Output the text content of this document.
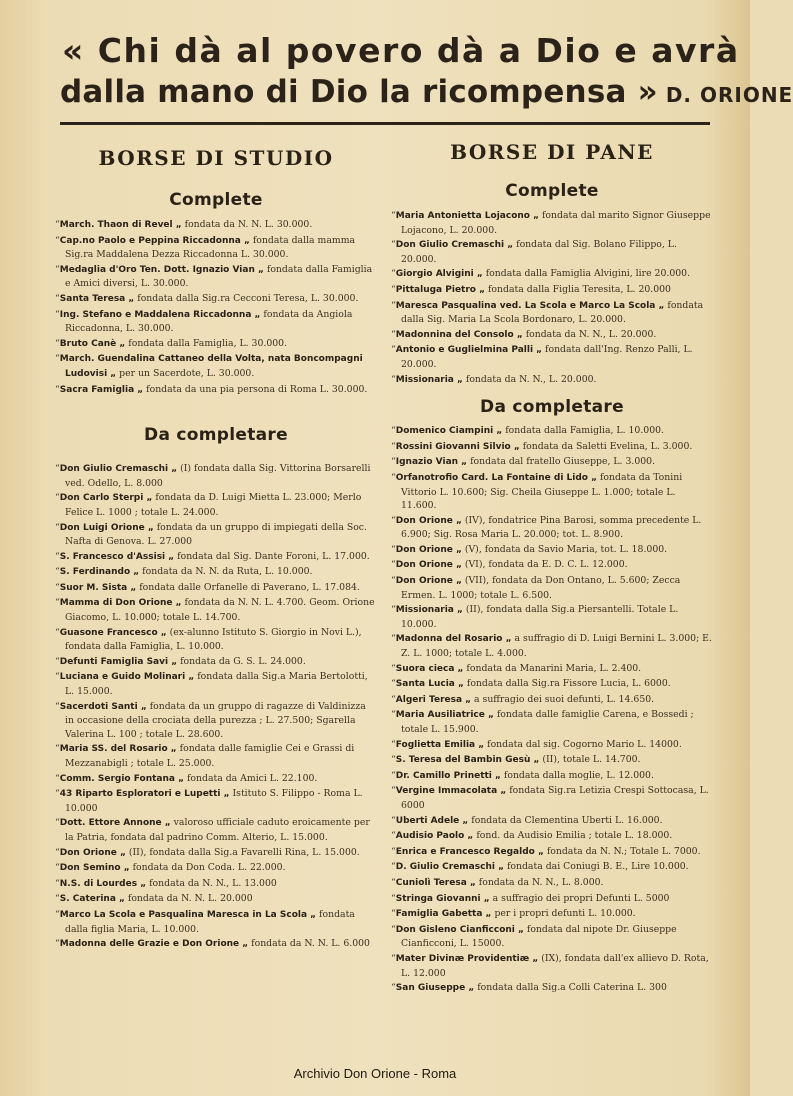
« Chi dà al povero dà a Dio e avrà
dalla mano di Dio la ricompensa » D. ORIONE
BORSE DI STUDIO
Complete
“March. Thaon di Revel „ fondata da N. N. L. 30.000.
“Cap.no Paolo e Peppina Riccadonna „ fondata dalla mamma Sig.ra Maddalena Dezza Riccadonna L. 30.000.
“Medaglia d'Oro Ten. Dott. Ignazio Vian „ fondata dalla Famiglia e Amici diversi, L. 30.000.
“Santa Teresa „ fondata dalla Sig.ra Cecconi Teresa, L. 30.000.
“Ing. Stefano e Maddalena Riccadonna „ fondata da Angiola Riccadonna, L. 30.000.
“Bruto Canè „ fondata dalla Famiglia, L. 30.000.
“March. Guendalina Cattaneo della Volta, nata Boncompagni Ludovisi „ per un Sacerdote, L. 30.000.
“Sacra Famiglia „ fondata da una pia persona di Roma L. 30.000.
Da completare
“Don Giulio Cremaschi „ (I) fondata dalla Sig. Vittorina Borsarelli ved. Odello, L. 8.000
“Don Carlo Sterpi „ fondata da D. Luigi Mietta L. 23.000; Merlo Felice L. 1000 ; totale L. 24.000.
“Don Luigi Orione „ fondata da un gruppo di impiegati della Soc. Nafta di Genova. L. 27.000
“S. Francesco d'Assisi „ fondata dal Sig. Dante Foroni, L. 17.000.
“S. Ferdinando „ fondata da N. N. da Ruta, L. 10.000.
“Suor M. Sista „ fondata dalle Orfanelle di Paverano, L. 17.084.
“Mamma di Don Orione „ fondata da N. N. L. 4.700. Geom. Orione Giacomo, L. 10.000; totale L. 14.700.
“Guasone Francesco „ (ex-alunno Istituto S. Giorgio in Novi L.), fondata dalla Famiglia, L. 10.000.
“Defunti Famiglia Savi „ fondata da G. S. L. 24.000.
“Luciana e Guido Molinari „ fondata dalla Sig.a Maria Bertolotti, L. 15.000.
“Sacerdoti Santi „ fondata da un gruppo di ragazze di Valdinizza in occasione della crociata della purezza ; L. 27.500; Sgarella Valerina L. 100 ; totale L. 28.600.
“Maria SS. del Rosario „ fondata dalle famiglie Cei e Grassi di Mezzanabigli ; totale L. 25.000.
“Comm. Sergio Fontana „ fondata da Amici L. 22.100.
“43 Riparto Esploratori e Lupetti „ Istituto S. Filippo - Roma L. 10.000
“Dott. Ettore Annone „ valoroso ufficiale caduto eroicamente per la Patria, fondata dal padrino Comm. Alterio, L. 15.000.
“Don Orione „ (II), fondata dalla Sig.a Favarelli Rina, L. 15.000.
“Don Semino „ fondata da Don Coda. L. 22.000.
“N.S. di Lourdes „ fondata da N. N., L. 13.000
“S. Caterina „ fondata da N. N. L. 20.000
“Marco La Scola e Pasqualina Maresca in La Scola „ fondata dalla figlia Maria, L. 10.000.
“Madonna delle Grazie e Don Orione „ fondata da N. N. L. 6.000
BORSE DI PANE
Complete
“Maria Antonietta Lojacono „ fondata dal marito Signor Giuseppe Lojacono, L. 20.000.
“Don Giulio Cremaschi „ fondata dal Sig. Bolano Filippo, L. 20.000.
“Giorgio Alvigini „ fondata dalla Famiglia Alvigini, lire 20.000.
“Pittaluga Pietro „ fondata dalla Figlia Teresita, L. 20.000
“Maresca Pasqualina ved. La Scola e Marco La Scola „ fondata dalla Sig. Maria La Scola Bordonaro, L. 20.000.
“Madonnina del Consolo „ fondata da N. N., L. 20.000.
“Antonio e Guglielmina Palli „ fondata dall'Ing. Renzo Palli, L. 20.000.
“Missionaria „ fondata da N. N., L. 20.000.
Da completare
“Domenico Ciampini „ fondata dalla Famiglia, L. 10.000.
“Rossini Giovanni Silvio „ fondata da Saletti Evelina, L. 3.000.
“Ignazio Vian „ fondata dal fratello Giuseppe, L. 3.000.
“Orfanotrofio Card. La Fontaine di Lido „ fondata da Tonini Vittorio L. 10.600; Sig. Cheila Giuseppe L. 1.000; totale L. 11.600.
“Don Orione „ (IV), fondatrice Pina Barosi, somma precedente L. 6.900; Sig. Rosa Maria L. 20.000; tot. L. 8.900.
“Don Orione „ (V), fondata da Savio Maria, tot. L. 18.000.
“Don Orione „ (VI), fondata da E. D. C. L. 12.000.
“Don Orione „ (VII), fondata da Don Ontano, L. 5.600; Zecca Ermen. L. 1000; totale L. 6.500.
“Missionaria „ (II), fondata dalla Sig.a Piersantelli. Totale L. 10.000.
“Madonna del Rosario „ a suffragio di D. Luigi Bernini L. 3.000; E. Z. L. 1000; totale L. 4.000.
“Suora cieca „ fondata da Manarini Maria, L. 2.400.
“Santa Lucia „ fondata dalla Sig.ra Fissore Lucia, L. 6000.
“Algeri Teresa „ a suffragio dei suoi defunti, L. 14.650.
“Maria Ausiliatrice „ fondata dalle famiglie Carena, e Bossedi ; totale L. 15.900.
“Foglietta Emilia „ fondata dal sig. Cogorno Mario L. 14000.
“S. Teresa del Bambin Gesù „ (II), totale L. 14.700.
“Dr. Camillo Prinetti „ fondata dalla moglie, L. 12.000.
“Vergine Immacolata „ fondata Sig.ra Letizia Crespi Sottocasa, L. 6000
“Uberti Adele „ fondata da Clementina Uberti L. 16.000.
“Audisio Paolo „ fond. da Audisio Emilia ; totale L. 18.000.
“Enrica e Francesco Regaldo „ fondata da N. N.; Totale L. 7000.
“D. Giulio Cremaschi „ fondata dai Coniugi B. E., Lire 10.000.
“Cuniolì Teresa „ fondata da N. N., L. 8.000.
“Stringa Giovanni „ a suffragio dei propri Defunti L. 5000
“Famiglia Gabetta „ per i propri defunti L. 10.000.
“Don Gisleno Cianficconi „ fondata dal nipote Dr. Giuseppe Cianficconi, L. 15000.
“Mater Divinæ Providentiæ „ (IX), fondata dall'ex allievo D. Rota, L. 12.000
“San Giuseppe „ fondata dalla Sig.a Colli Caterina L. 300
Archivio Don Orione - Roma
